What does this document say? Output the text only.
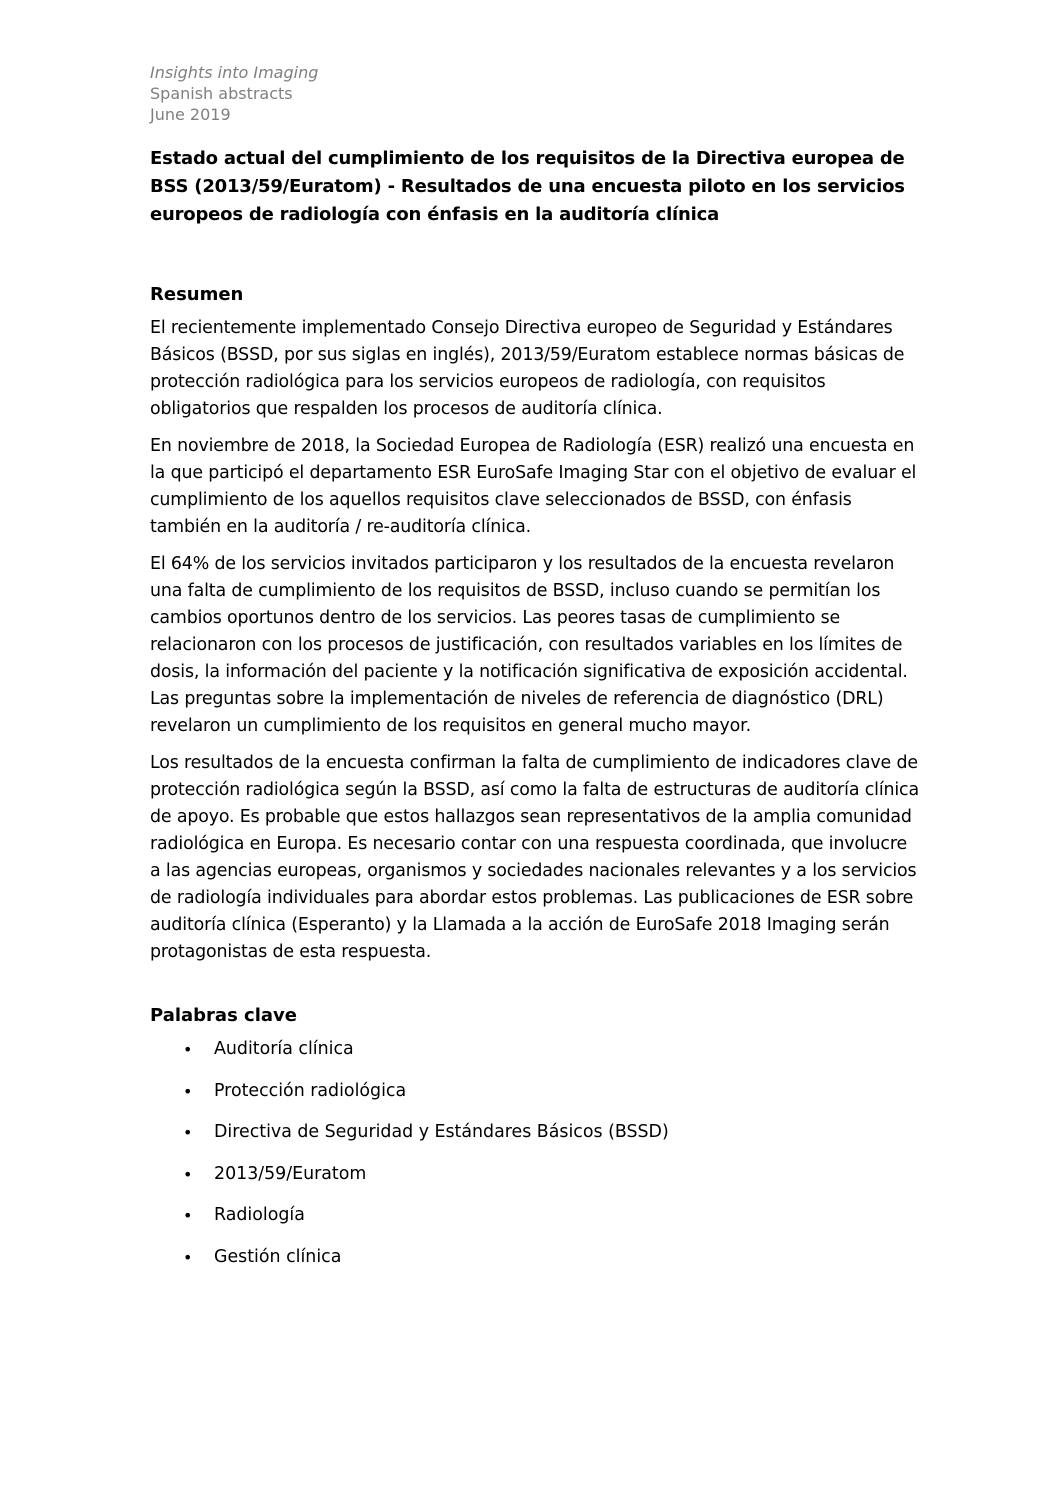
Insights into Imaging
Spanish abstracts
June 2019
Estado actual del cumplimiento de los requisitos de la Directiva europea de BSS (2013/59/Euratom) - Resultados de una encuesta piloto en los servicios europeos de radiología con énfasis en la auditoría clínica
Resumen

El recientemente implementado Consejo Directiva europeo de Seguridad y Estándares Básicos (BSSD, por sus siglas en inglés), 2013/59/Euratom establece normas básicas de protección radiológica para los servicios europeos de radiología, con requisitos obligatorios que respalden los procesos de auditoría clínica.

En noviembre de 2018, la Sociedad Europea de Radiología (ESR) realizó una encuesta en la que participó el departamento ESR EuroSafe Imaging Star con el objetivo de evaluar el cumplimiento de los aquellos requisitos clave seleccionados de BSSD, con énfasis también en la auditoría / re-auditoría clínica.

El 64% de los servicios invitados participaron y los resultados de la encuesta revelaron una falta de cumplimiento de los requisitos de BSSD, incluso cuando se permitían los cambios oportunos dentro de los servicios. Las peores tasas de cumplimiento se relacionaron con los procesos de justificación, con resultados variables en los límites de dosis, la información del paciente y la notificación significativa de exposición accidental. Las preguntas sobre la implementación de niveles de referencia de diagnóstico (DRL) revelaron un cumplimiento de los requisitos en general mucho mayor.

Los resultados de la encuesta confirman la falta de cumplimiento de indicadores clave de protección radiológica según la BSSD, así como la falta de estructuras de auditoría clínica de apoyo. Es probable que estos hallazgos sean representativos de la amplia comunidad radiológica en Europa. Es necesario contar con una respuesta coordinada, que involucre a las agencias europeas, organismos y sociedades nacionales relevantes y a los servicios de radiología individuales para abordar estos problemas. Las publicaciones de ESR sobre auditoría clínica (Esperanto) y la Llamada a la acción de EuroSafe 2018 Imaging serán protagonistas de esta respuesta.

Palabras clave
• Auditoría clínica
• Protección radiológica
• Directiva de Seguridad y Estándares Básicos (BSSD)
• 2013/59/Euratom
• Radiología
• Gestión clínica
